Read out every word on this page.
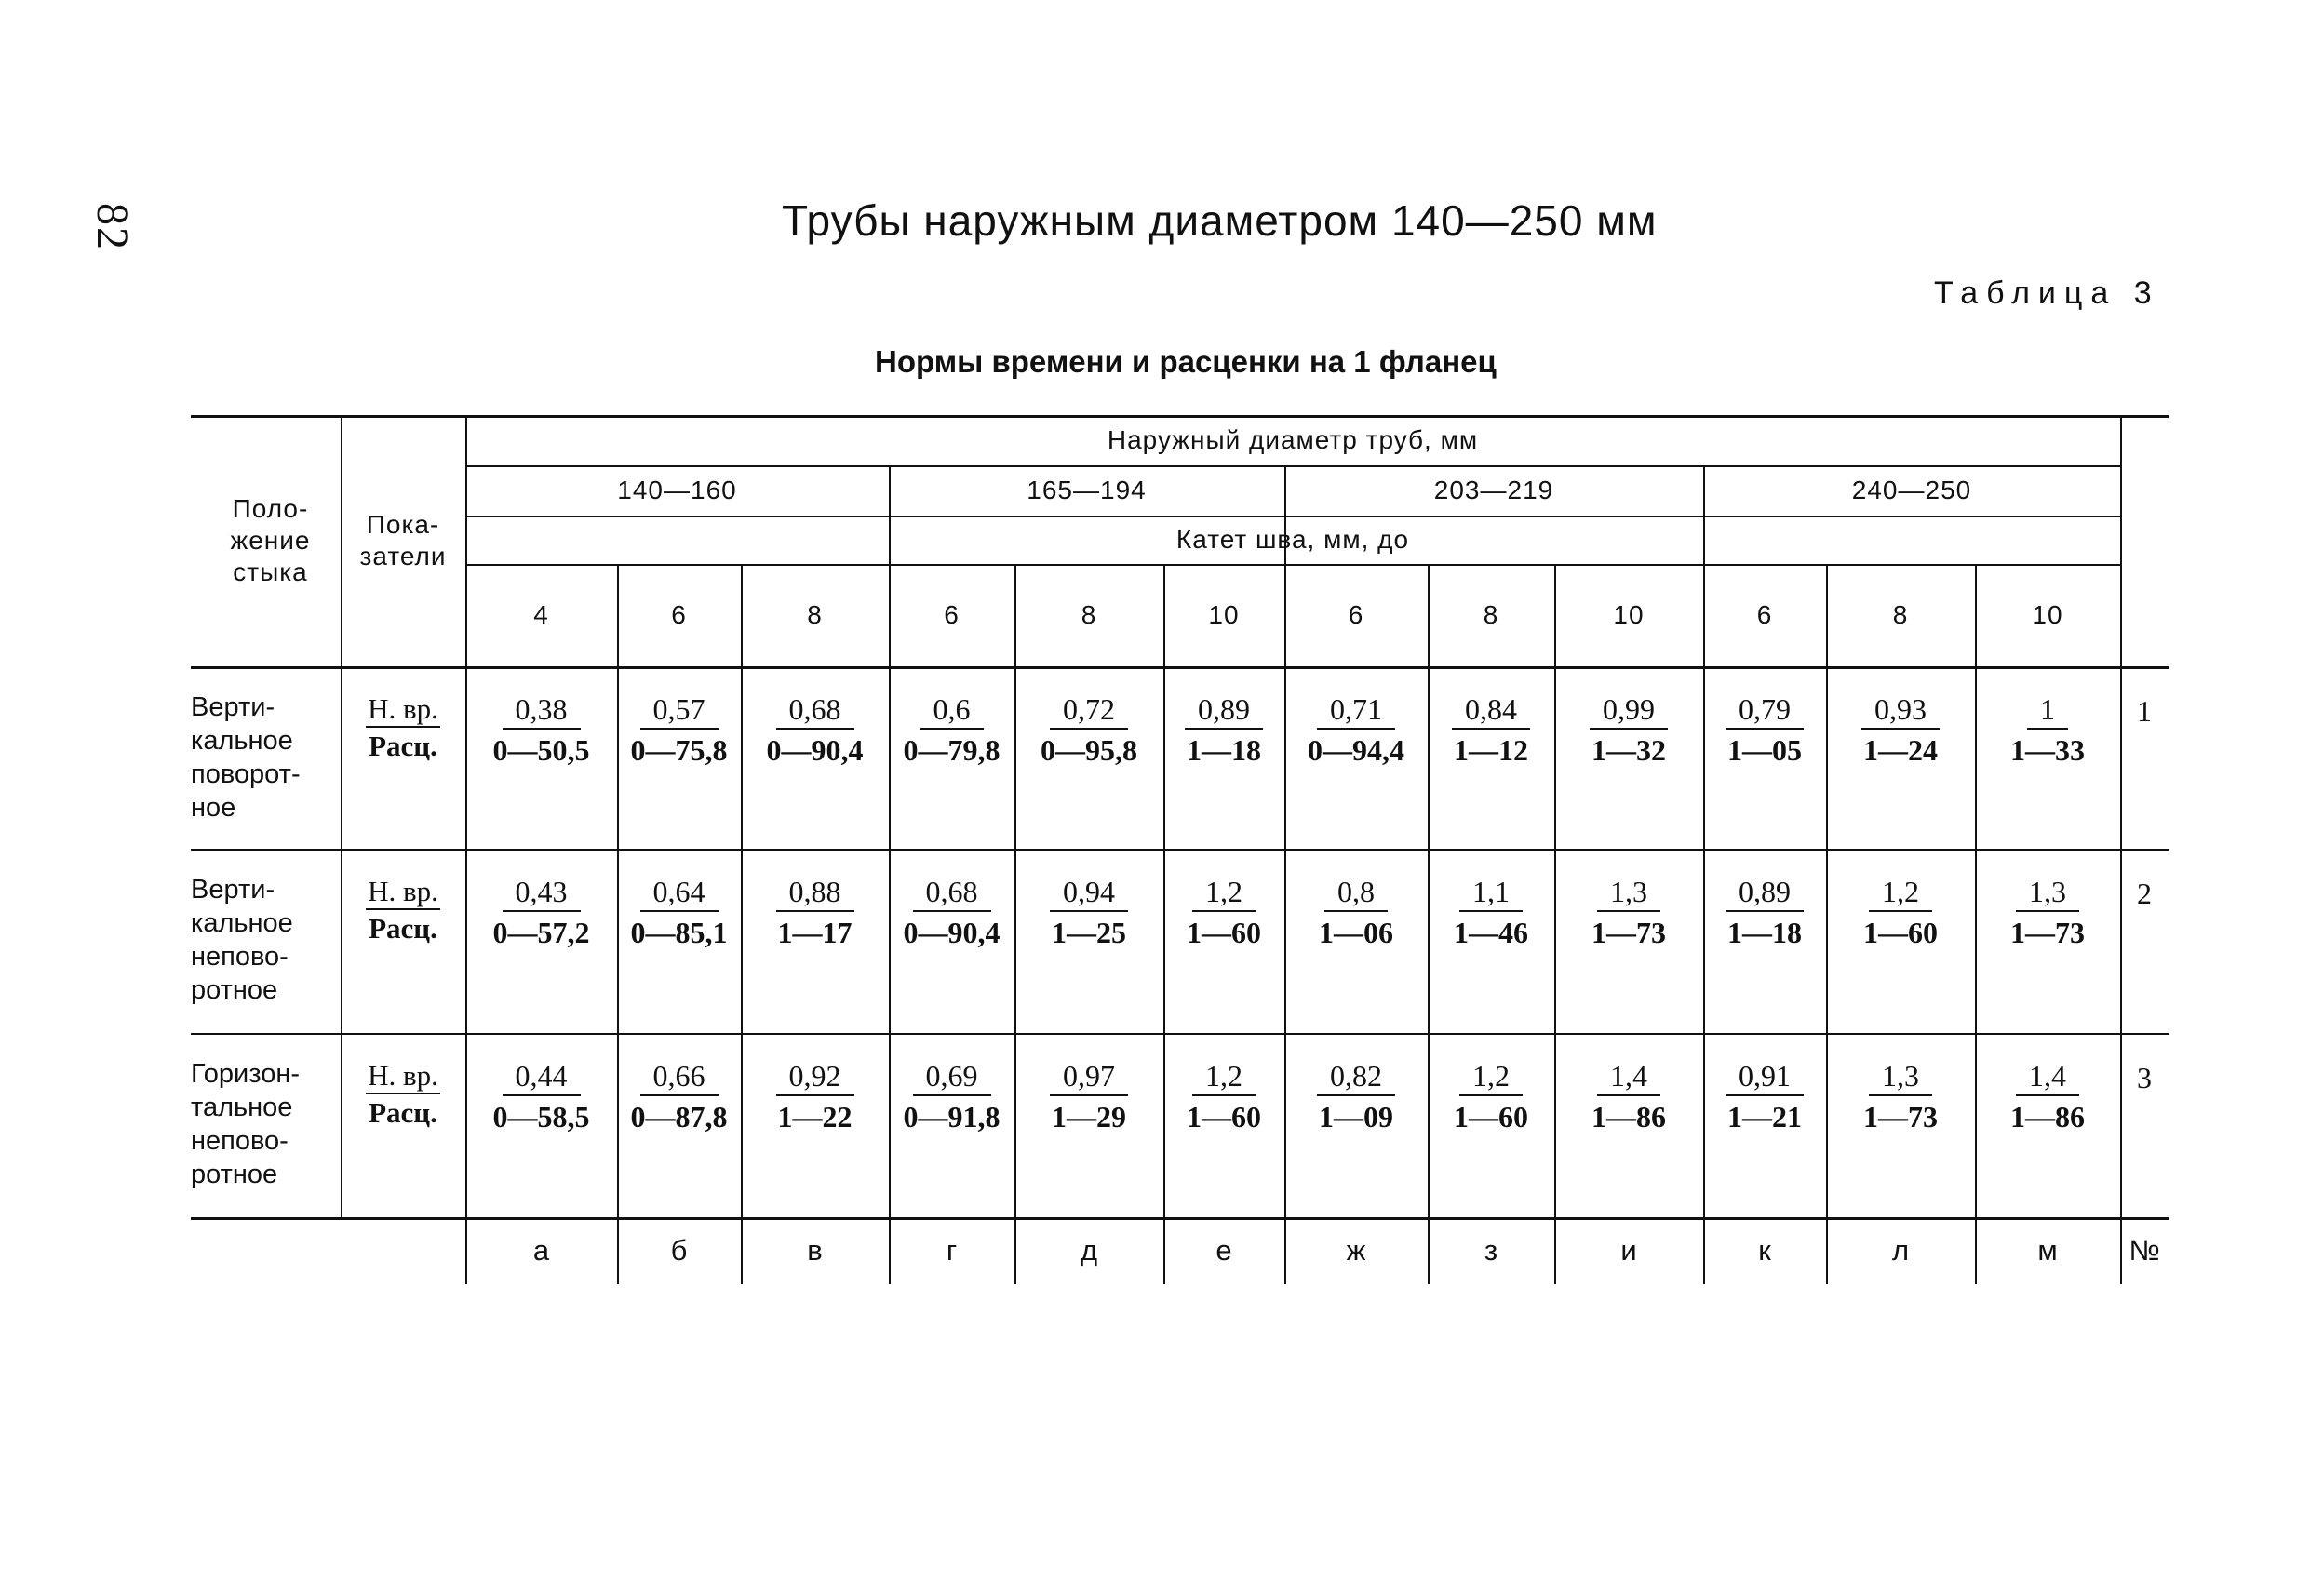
82	Трубы наружным диаметром 140—250 мм
Таблица 3
Нормы времени и расценки на 1 фланец
Поло-
жение
стыка
Пока-
затели
Наружный диаметр труб, мм
140—160	165—194	203—219	240—250
Катет шва, мм, до
4	6	8	6	8	10	6	8	10	6	8	10
Верти-
кальное
поворот-
ное
$\frac{Н. вр.}{\text{Расц.}} \frac{0,38}{0—50,5} \frac{0,57}{0—75,8} \frac{0,68}{0—90,4} \frac{0,6}{0—79,8} \frac{0,72}{0—95,8} \frac{0,89}{1—18} \frac{0,71}{0—94,4} \frac{0,84}{1—12} \frac{0,99}{1—32} \frac{0,79}{1—05} \frac{0,93}{1—24} \frac{1}{1—33}$	1
Верти-
кальное
непово-
ротное
$\frac{Н. вр.}{\text{Расц.}} \frac{0,43}{0—57,2} \frac{0,64}{0—85,1} \frac{0,88}{1—17} \frac{0,68}{0—90,4} \frac{0,94}{1—25} \frac{1,2}{1—60} \frac{0,8}{1—06} \frac{1,1}{1—46} \frac{1,3}{1—73} \frac{0,89}{1—18} \frac{1,2}{1—60} \frac{1,3}{1—73}$	2
Горизон-
тальное
непово-
ротное
$\frac{Н. вр.}{\text{Расц.}} \frac{0,44}{0—58,5} \frac{0,66}{0—87,8} \frac{0,92}{1—22} \frac{0,69}{0—91,8} \frac{0,97}{1—29} \frac{1,2}{1—60} \frac{0,82}{1—09} \frac{1,2}{1—60} \frac{1,4}{1—86} \frac{0,91}{1—21} \frac{1,3}{1—73} \frac{1,4}{1—86}$	3
а	б	в	г	д	е	ж	з	и	к	л	м	№
